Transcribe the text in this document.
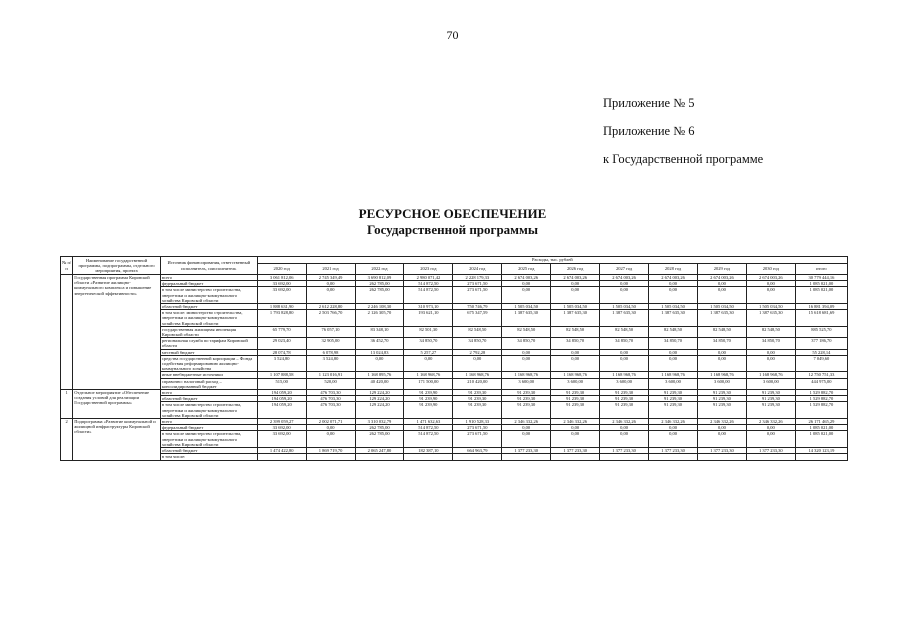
70
Приложение № 5
Приложение № 6
к Государственной программе
РЕСУРСНОЕ ОБЕСПЕЧЕНИЕ
Государственной программы
№ п/п	Наименование государственной программы, подпрограммы, отдельного мероприятия, проекта	Источник финансирования, ответственный исполнитель, соисполнитель	Расходы, тыс. рублей											
			2020 год	2021 год	2022 год	2023 год	2024 год	2025 год	2026 год	2027 год	2028 год	2029 год	2030 год	итого
	Государственная программа Кировской области «Развитие жилищно-коммунального комплекса и повышение энергетической эффективности»	всего	3 061 812,06	2 745 349,49	3 690 812,09	2 980 071,42	2 228 179,33	2 674 003,26	2 674 003,26	2 674 003,26	2 674 003,26	2 674 003,26	2 674 003,26	30 779 444,16
		федеральный бюджет	33 692,00	0,00	262 785,00	514 872,50	273 671,50	0,00	0,00	0,00	0,00	0,00	0,00	1 085 021,00
		в том числе министерство строительства, энергетики и жилищно-коммунального хозяйства Кировской области	33 692,00	0,00	262 785,00	514 872,50	273 671,50	0,00	0,00	0,00	0,00	0,00	0,00	1 085 021,00
		областной бюджет	1 888 631,90	2 612 228,80	2 246 108,30	310 973,10	750 746,79	1 505 034,50	1 505 034,50	1 505 034,50	1 505 034,50	1 505 034,50	1 505 034,50	16 881 394,09
		в том числе: министерство строительства, энергетики и жилищно-коммунального хозяйства Кировской области	1 793 828,80	2 503 766,70	2 126 305,70	193 621,10	675 347,59	1 387 635,30	1 387 635,30	1 387 635,30	1 387 635,30	1 387 635,30	1 387 635,30	15 618 681,69
		государственная жилищная инспекция Кировской области	65 779,70	76 057,10	83 348,10	82 501,30	82 548,50	82 548,50	82 548,50	82 548,50	82 548,50	82 548,50	82 548,50	885 525,70
		региональная служба по тарифам Кировской области	29 023,40	32 905,00	36 452,70	34 850,70	34 850,70	34 850,70	34 850,70	34 850,70	34 850,70	34 850,70	34 850,70	377 186,70
		местный бюджет	28 074,78	6 078,98	13 024,83	5 257,27	2 792,28	0,00	0,00	0,00	0,00	0,00	0,00	55 228,14
		средства государственной корпорации – Фонда содействия реформированию жилищно-коммунального хозяйства	3 524,80	3 524,80	0,00	0,00	0,00	0,00	0,00	0,00	0,00	0,00	0,00	7 049,60
		иные внебюджетные источники	1 107 888,58	1 123 016,91	1 168 895,76	1 168 968,76	1 168 968,76	1 168 968,76	1 168 968,76	1 168 968,76	1 168 968,76	1 168 968,76	1 168 968,76	12 750 751,33
		справочно: налоговый расход – консолидированный бюджет	515,00	520,00	40 420,00	171 500,00	210 420,00	3 600,00	3 600,00	3 600,00	3 600,00	3 600,00	3 600,00	444 975,00
1	Отдельное мероприятие «Обеспечение создания условий для реализации Государственной программы»	всего	194 059,20	476 703,30	129 224,20	91 239,90	91 239,30	91 239,30	91 239,30	91 239,30	91 239,30	91 239,30	91 239,30	1 529 882,70
		областной бюджет	194 059,20	476 703,30	129 224,20	91 239,90	91 239,30	91 239,30	91 239,30	91 239,30	91 239,30	91 239,30	91 239,30	1 529 882,70
		в том числе министерство строительства, энергетики и жилищно-коммунального хозяйства Кировской области	194 059,20	476 703,30	129 224,20	91 239,90	91 239,30	91 239,30	91 239,30	91 239,30	91 239,30	91 239,30	91 239,30	1 529 882,70
2	Подпрограмма «Развитие коммунальной и жилищной инфраструктуры Кировской области»	всего	2 399 059,27	2 002 071,71	3 310 032,79	1 471 632,63	1 910 528,33	2 346 332,26	2 346 332,26	2 346 332,26	2 346 332,26	2 346 332,26	2 346 332,26	26 171 465,29
		федеральный бюджет	33 692,00	0,00	262 785,00	514 872,50	273 671,50	0,00	0,00	0,00	0,00	0,00	0,00	1 085 021,00
		в том числе министерство строительства, энергетики и жилищно-коммунального хозяйства Кировской области	33 692,00	0,00	262 785,00	514 872,50	273 671,50	0,00	0,00	0,00	0,00	0,00	0,00	1 085 021,00
		областной бюджет	1 474 422,80	1 869 719,70	2 065 247,80	182 387,10	664 963,79	1 377 233,30	1 377 233,30	1 377 233,30	1 377 233,30	1 377 233,30	1 377 233,30	14 320 123,19
		в том числе:												
